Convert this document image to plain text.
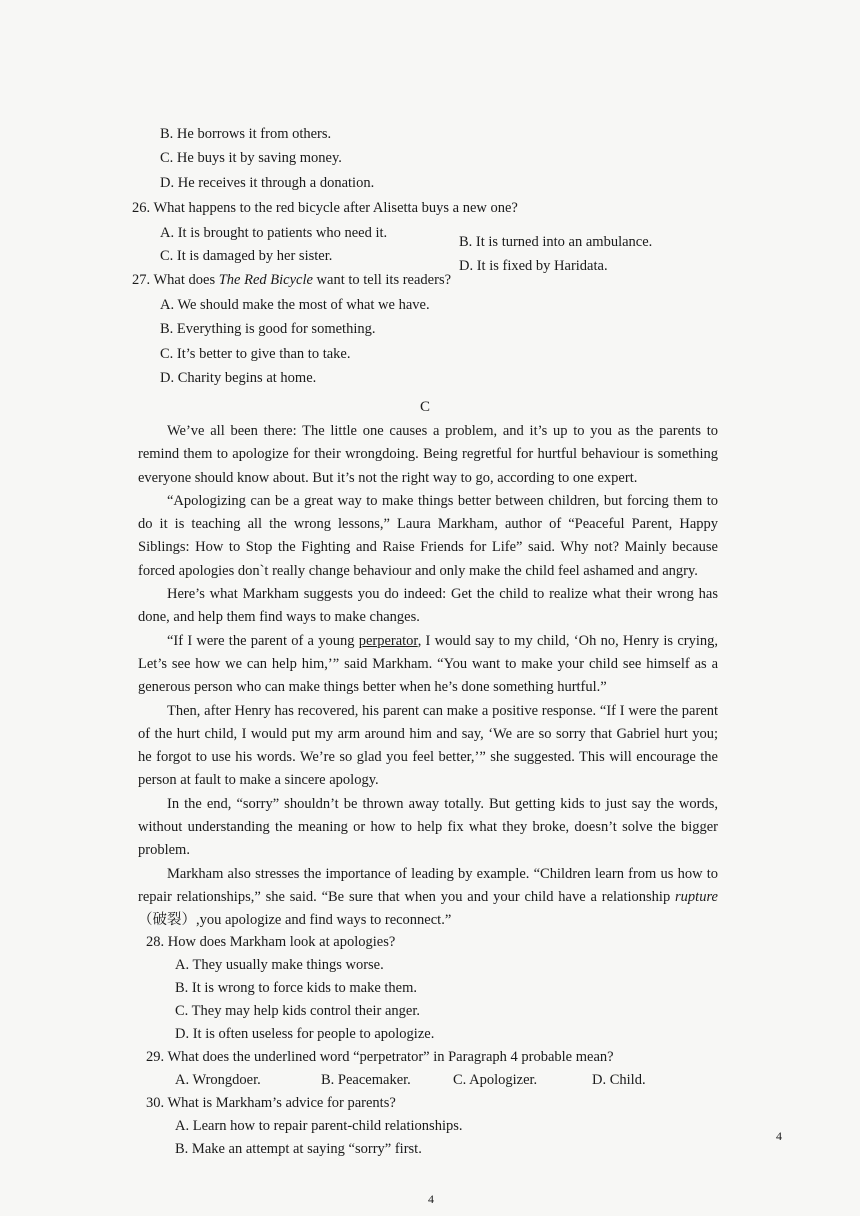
B. He borrows it from others.
C. He buys it by saving money.
D. He receives it through a donation.
26. What happens to the red bicycle after Alisetta buys a new one?
A. It is brought to patients who need it.
B. It is turned into an ambulance.
C. It is damaged by her sister.
D. It is fixed by Haridata.
27. What does The Red Bicycle want to tell its readers?
A. We should make the most of what we have.
B. Everything is good for something.
C. It’s better to give than to take.
D. Charity begins at home.
C

We’ve all been there: The little one causes a problem, and it’s up to you as the parents to remind them to apologize for their wrongdoing. Being regretful for hurtful behaviour is something everyone should know about. But it’s not the right way to go, according to one expert.

“Apologizing can be a great way to make things better between children, but forcing them to do it is teaching all the wrong lessons,” Laura Markham, author of “Peaceful Parent, Happy Siblings: How to Stop the Fighting and Raise Friends for Life” said. Why not? Mainly because forced apologies don`t really change behaviour and only make the child feel ashamed and angry.

Here’s what Markham suggests you do indeed: Get the child to realize what their wrong has done, and help them find ways to make changes.

“If I were the parent of a young perperator, I would say to my child, ‘Oh no, Henry is crying, Let’s see how we can help him,’” said Markham. “You want to make your child see himself as a generous person who can make things better when he’s done something hurtful.”

Then, after Henry has recovered, his parent can make a positive response. “If I were the parent of the hurt child, I would put my arm around him and say, ‘We are so sorry that Gabriel hurt you; he forgot to use his words. We’re so glad you feel better,’” she suggested. This will encourage the person at fault to make a sincere apology.

In the end, “sorry” shouldn’t be thrown away totally. But getting kids to just say the words, without understanding the meaning or how to help fix what they broke, doesn’t solve the bigger problem.

Markham also stresses the importance of leading by example. “Children learn from us how to repair relationships,” she said. “Be sure that when you and your child have a relationship rupture（破裂）,you apologize and find ways to reconnect.”

28. How does Markham look at apologies?
A. They usually make things worse.
B. It is wrong to force kids to make them.
C. They may help kids control their anger.
D. It is often useless for people to apologize.
29. What does the underlined word “perpetrator” in Paragraph 4 probable mean?
A. Wrongdoer.	B. Peacemaker.	C. Apologizer.	D. Child.
30. What is Markham’s advice for parents?
A. Learn how to repair parent-child relationships.
B. Make an attempt at saying “sorry” first.
4
4
